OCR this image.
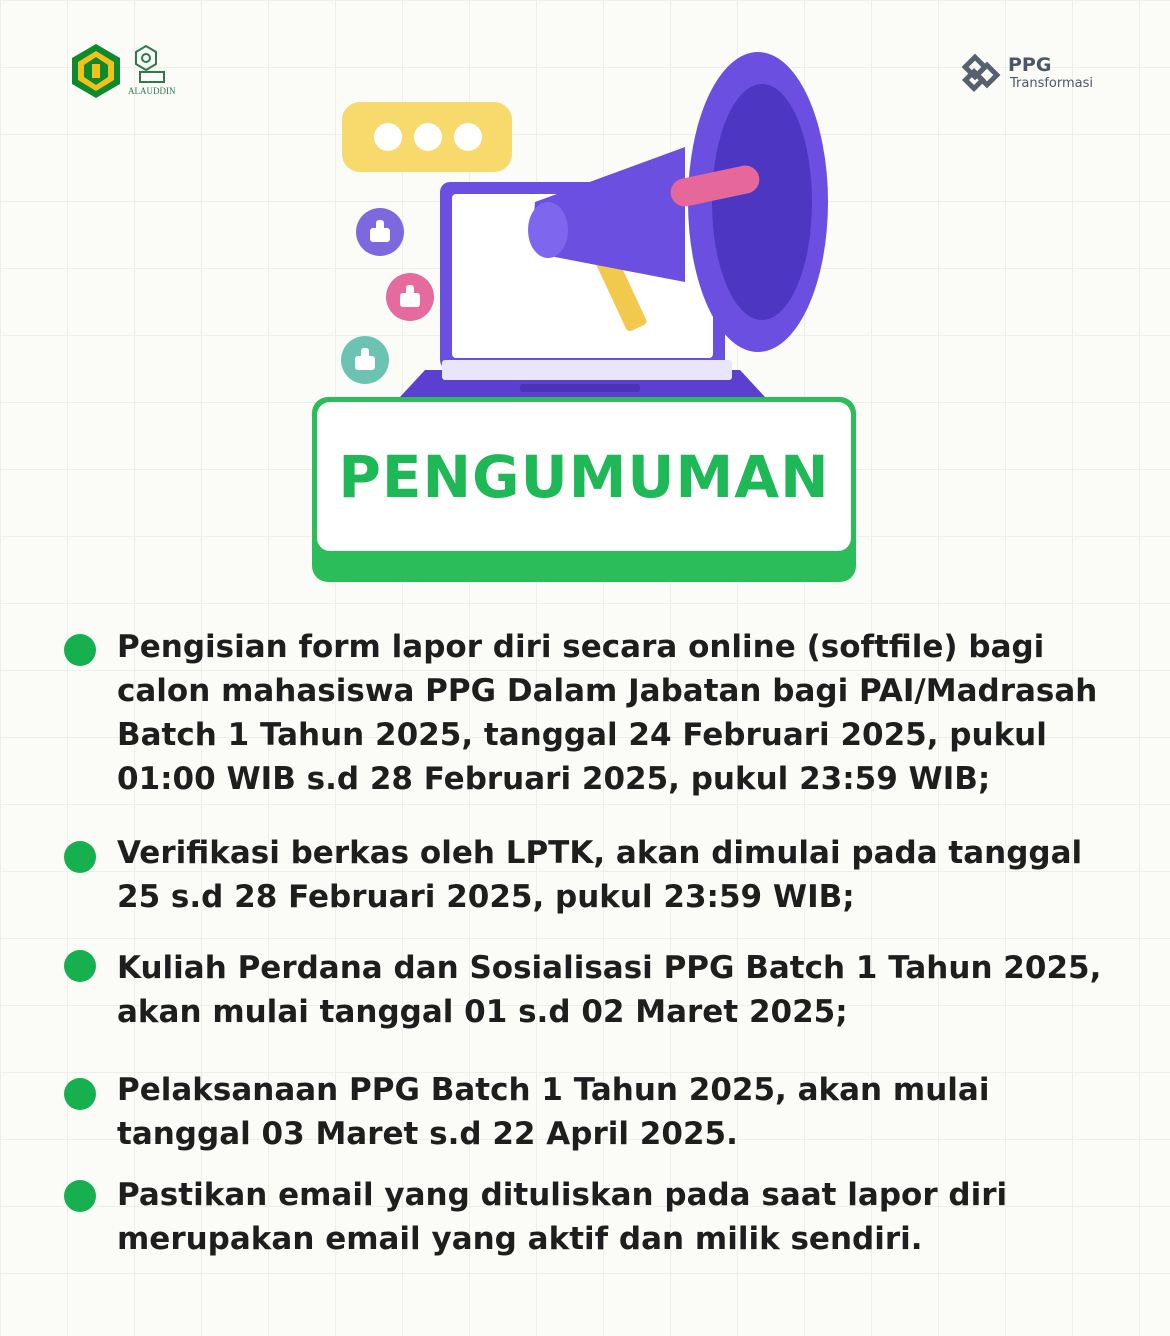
ALAUDDIN
PPG
Transformasi
PENGUMUMAN
Pengisian form lapor diri secara online (softfile) bagi calon mahasiswa PPG Dalam Jabatan bagi PAI/Madrasah Batch 1 Tahun 2025, tanggal 24 Februari 2025, pukul 01:00 WIB s.d 28 Februari 2025, pukul 23:59 WIB;
Verifikasi berkas oleh LPTK, akan dimulai pada tanggal 25 s.d 28 Februari 2025, pukul 23:59 WIB;
Kuliah Perdana dan Sosialisasi PPG Batch 1 Tahun 2025, akan mulai tanggal 01 s.d 02 Maret 2025;
Pelaksanaan PPG Batch 1 Tahun 2025, akan mulai tanggal 03 Maret s.d 22 April 2025.
Pastikan email yang dituliskan pada saat lapor diri merupakan email yang aktif dan milik sendiri.
